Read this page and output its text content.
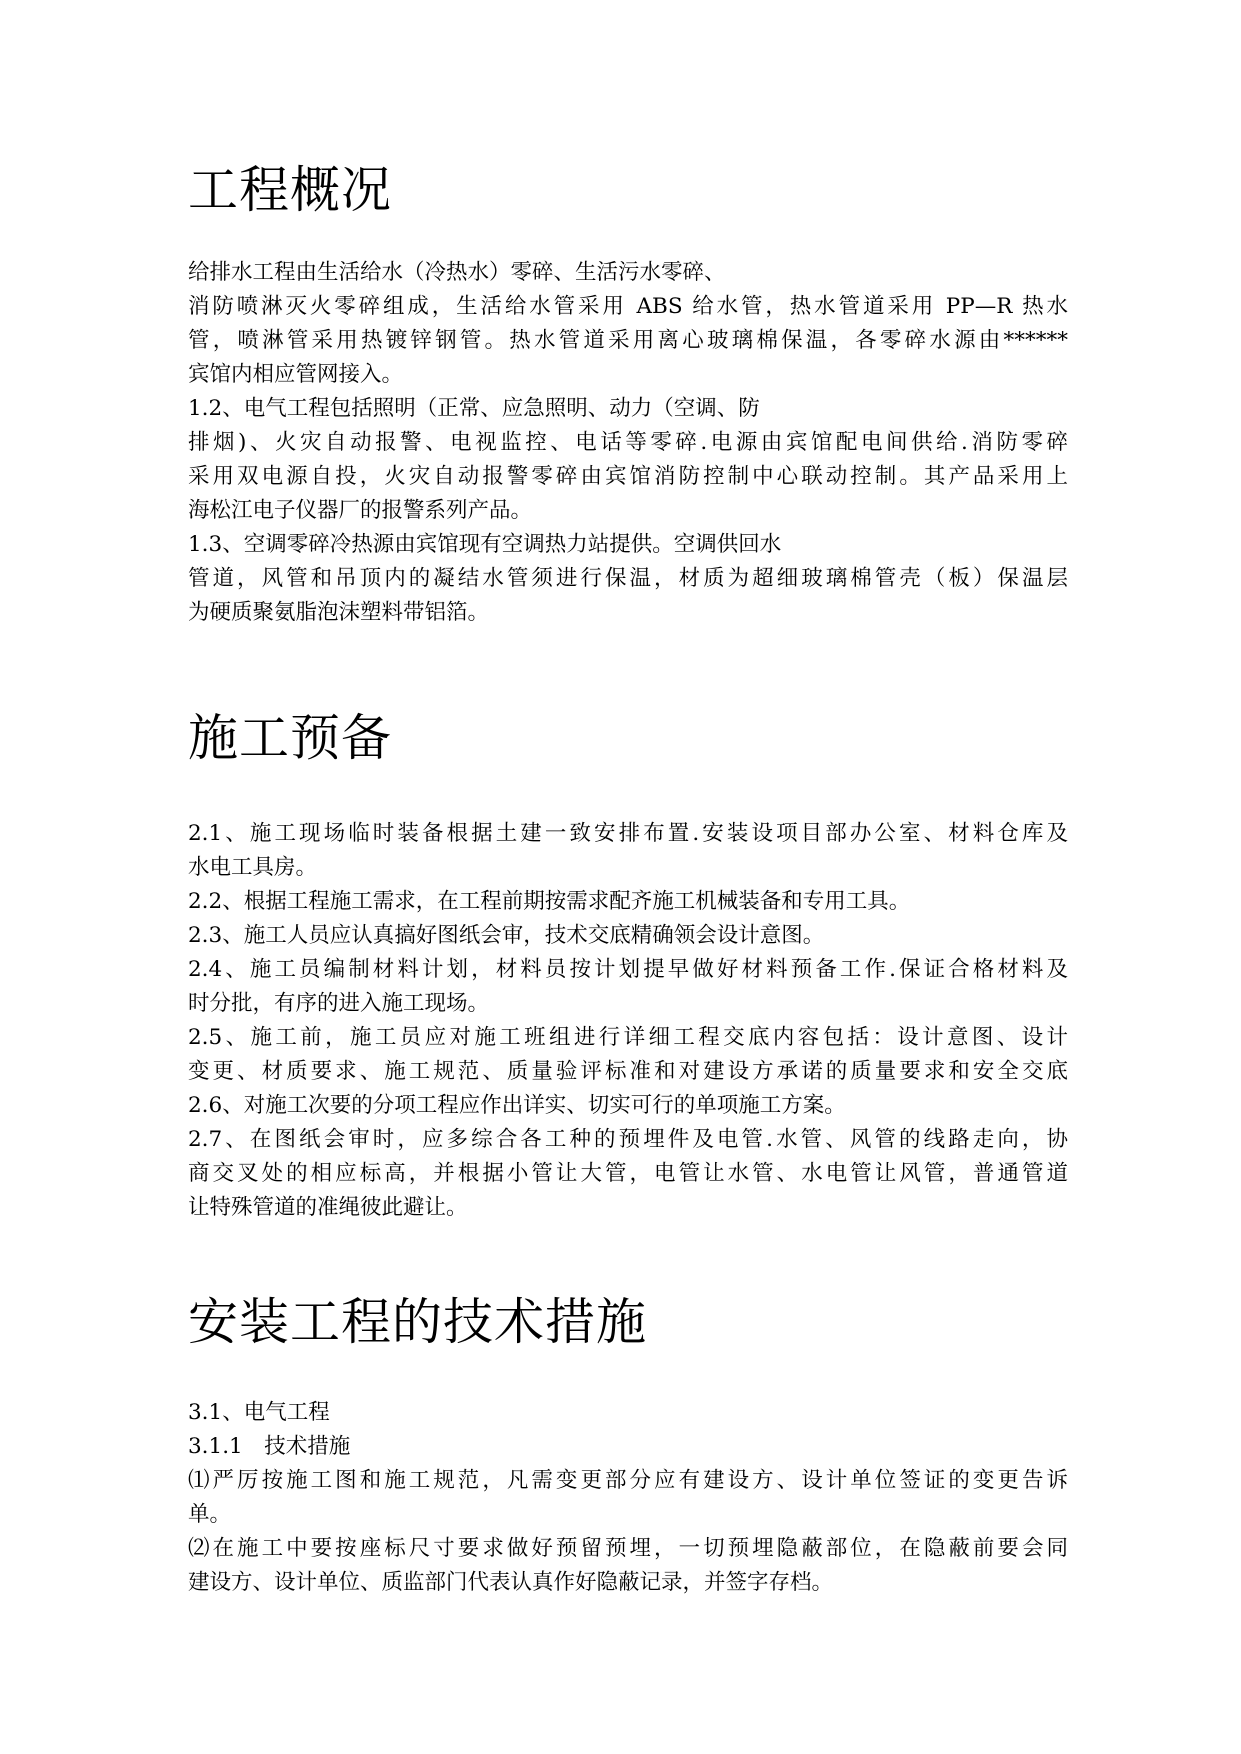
工程概况

给排水工程由生活给水（冷热水）零碎、生活污水零碎、

消防喷淋灭火零碎组成，生活给水管采用 ABS 给水管，热水管道采用 PP—R 热水

管，喷淋管采用热镀锌钢管。热水管道采用离心玻璃棉保温，各零碎水源由******

宾馆内相应管网接入。

1.2、电气工程包括照明（正常、应急照明、动力（空调、防

排烟)、火灾自动报警、电视监控、电话等零碎.电源由宾馆配电间供给.消防零碎

采用双电源自投，火灾自动报警零碎由宾馆消防控制中心联动控制。其产品采用上

海松江电子仪器厂的报警系列产品。

1.3、空调零碎冷热源由宾馆现有空调热力站提供。空调供回水

管道，风管和吊顶内的凝结水管须进行保温，材质为超细玻璃棉管壳（板）保温层

为硬质聚氨脂泡沫塑料带铝箔。

施工预备

2.1、施工现场临时装备根据土建一致安排布置.安装设项目部办公室、材料仓库及

水电工具房。

2.2、根据工程施工需求，在工程前期按需求配齐施工机械装备和专用工具。

2.3、施工人员应认真搞好图纸会审，技术交底精确领会设计意图。

2.4、施工员编制材料计划，材料员按计划提早做好材料预备工作.保证合格材料及

时分批，有序的进入施工现场。

2.5、施工前，施工员应对施工班组进行详细工程交底内容包括：设计意图、设计

变更、材质要求、施工规范、质量验评标准和对建设方承诺的质量要求和安全交底

2.6、对施工次要的分项工程应作出详实、切实可行的单项施工方案。

2.7、在图纸会审时，应多综合各工种的预埋件及电管.水管、风管的线路走向，协

商交叉处的相应标高，并根据小管让大管，电管让水管、水电管让风管，普通管道

让特殊管道的准绳彼此避让。

安装工程的技术措施

3.1、电气工程

3.1.1　技术措施

⑴严厉按施工图和施工规范，凡需变更部分应有建设方、设计单位签证的变更告诉

单。

⑵在施工中要按座标尺寸要求做好预留预埋，一切预埋隐蔽部位，在隐蔽前要会同

建设方、设计单位、质监部门代表认真作好隐蔽记录，并签字存档。
